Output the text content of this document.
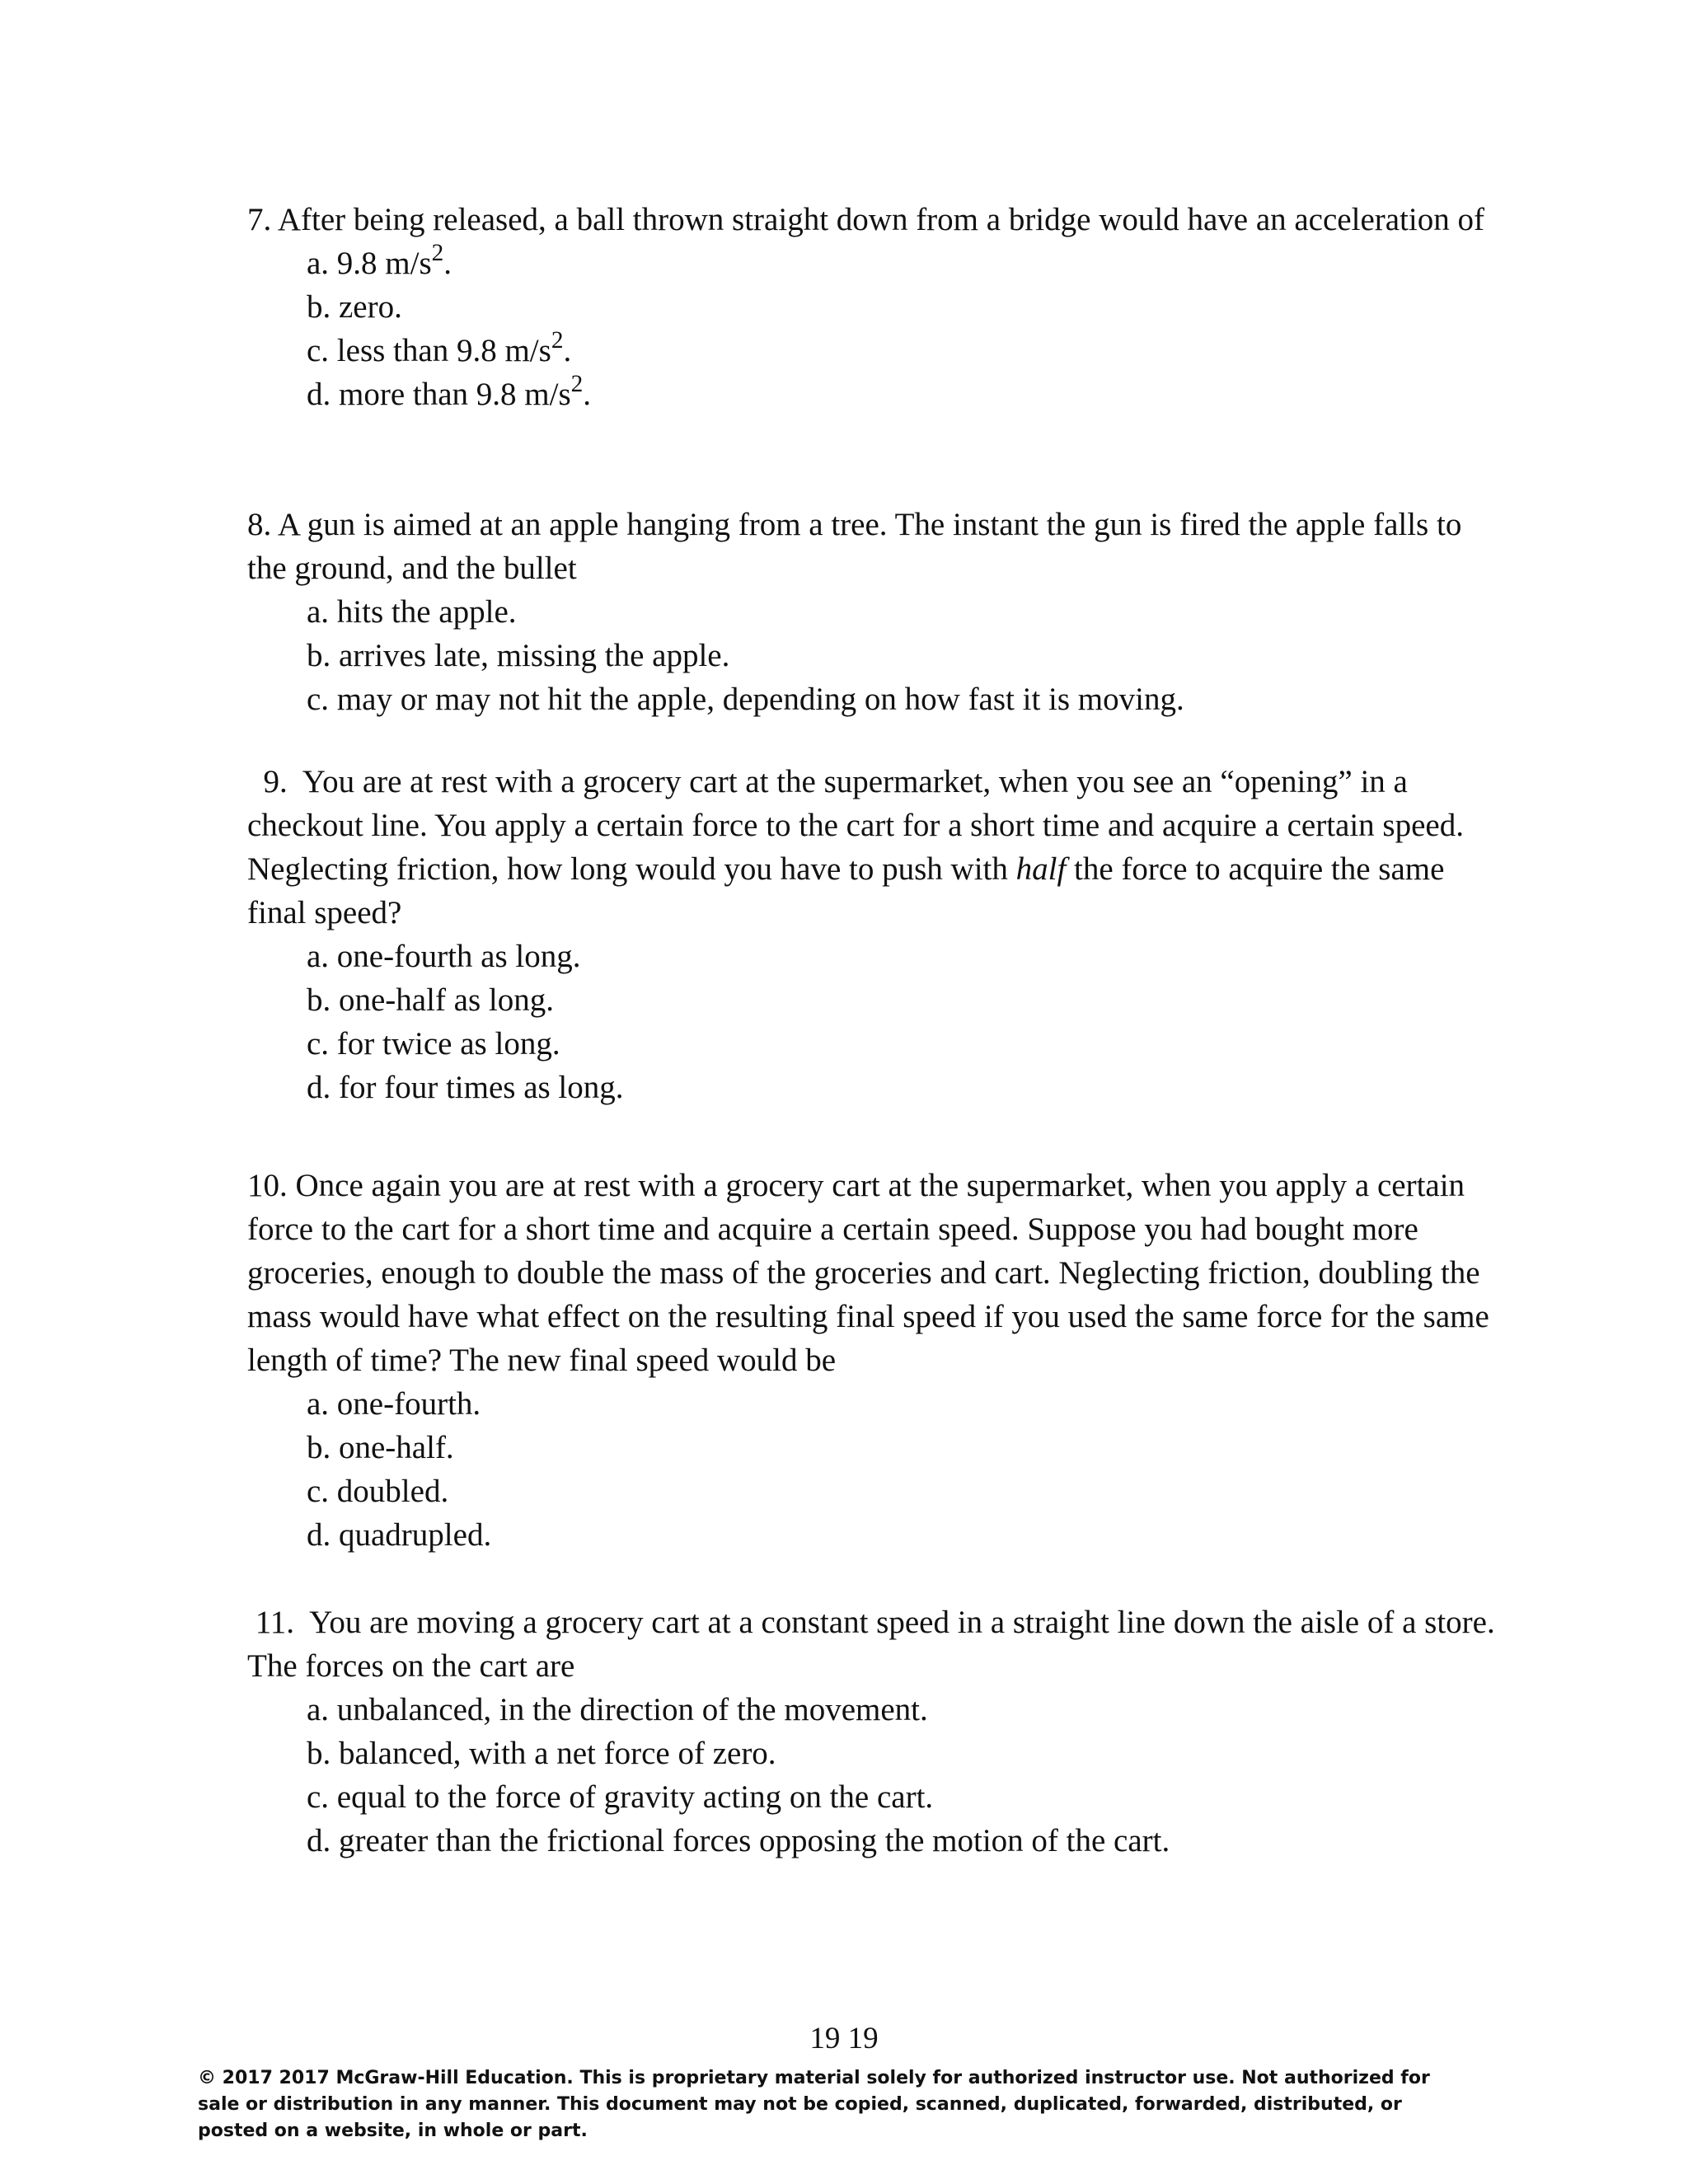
7. After being released, a ball thrown straight down from a bridge would have an acceleration of

a. 9.8 $m/s^2$.
b. zero.
c. less than 9.8 $m/s^2$.
d. more than 9.8 $m/s^2$.

8. A gun is aimed at an apple hanging from a tree. The instant the gun is fired the apple falls to the ground, and the bullet

a. hits the apple.
b. arrives late, missing the apple.
c. may or may not hit the apple, depending on how fast it is moving.

9.  You are at rest with a grocery cart at the supermarket, when you see an “opening” in a checkout line. You apply a certain force to the cart for a short time and acquire a certain speed. Neglecting friction, how long would you have to push with half the force to acquire the same final speed?

a. one-fourth as long.
b. one-half as long.
c. for twice as long.
d. for four times as long.

10. Once again you are at rest with a grocery cart at the supermarket, when you apply a certain force to the cart for a short time and acquire a certain speed. Suppose you had bought more groceries, enough to double the mass of the groceries and cart. Neglecting friction, doubling the mass would have what effect on the resulting final speed if you used the same force for the same length of time? The new final speed would be

a. one-fourth.
b. one-half.
c. doubled.
d. quadrupled.

11.  You are moving a grocery cart at a constant speed in a straight line down the aisle of a store. The forces on the cart are

a. unbalanced, in the direction of the movement.
b. balanced, with a net force of zero.
c. equal to the force of gravity acting on the cart.
d. greater than the frictional forces opposing the motion of the cart.
19 19
© 2017 2017 McGraw-Hill Education. This is proprietary material solely for authorized instructor use. Not authorized for sale or distribution in any manner. This document may not be copied, scanned, duplicated, forwarded, distributed, or posted on a website, in whole or part.
